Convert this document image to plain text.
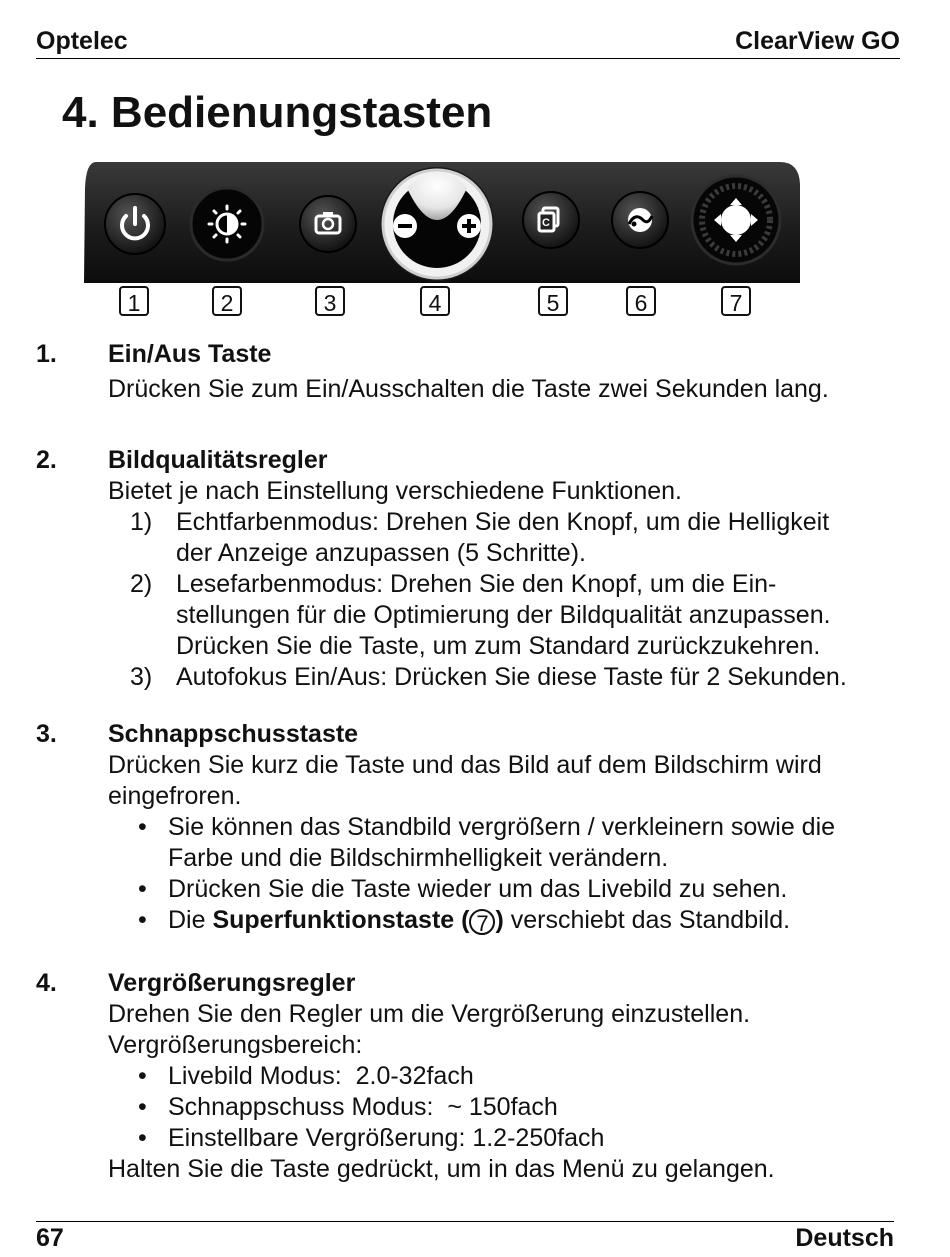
Optelec	ClearView GO
4. Bedienungstasten
C
1	2	3	4	5	6	7
1.	Ein/Aus Taste
Drücken Sie zum Ein/Ausschalten die Taste zwei Sekunden lang.
2.	Bildqualitätsregler
Bietet je nach Einstellung verschiedene Funktionen.
1) Echtfarbenmodus: Drehen Sie den Knopf, um die Helligkeit
der Anzeige anzupassen (5 Schritte).
2) Lesefarbenmodus: Drehen Sie den Knopf, um die Ein-
stellungen für die Optimierung der Bildqualität anzupassen.
Drücken Sie die Taste, um zum Standard zurückzukehren.
3) Autofokus Ein/Aus: Drücken Sie diese Taste für 2 Sekunden.
3.	Schnappschusstaste
Drücken Sie kurz die Taste und das Bild auf dem Bildschirm wird
eingefroren.
• Sie können das Standbild vergrößern / verkleinern sowie die
Farbe und die Bildschirmhelligkeit verändern.
• Drücken Sie die Taste wieder um das Livebild zu sehen.
• Die Superfunktionstaste ( 7 ) verschiebt das Standbild.
4.	Vergrößerungsregler
Drehen Sie den Regler um die Vergrößerung einzustellen.
Vergrößerungsbereich:
• Livebild Modus:  2.0-32fach
• Schnappschuss Modus:  ~ 150fach
• Einstellbare Vergrößerung: 1.2-250fach
Halten Sie die Taste gedrückt, um in das Menü zu gelangen.
67	Deutsch
